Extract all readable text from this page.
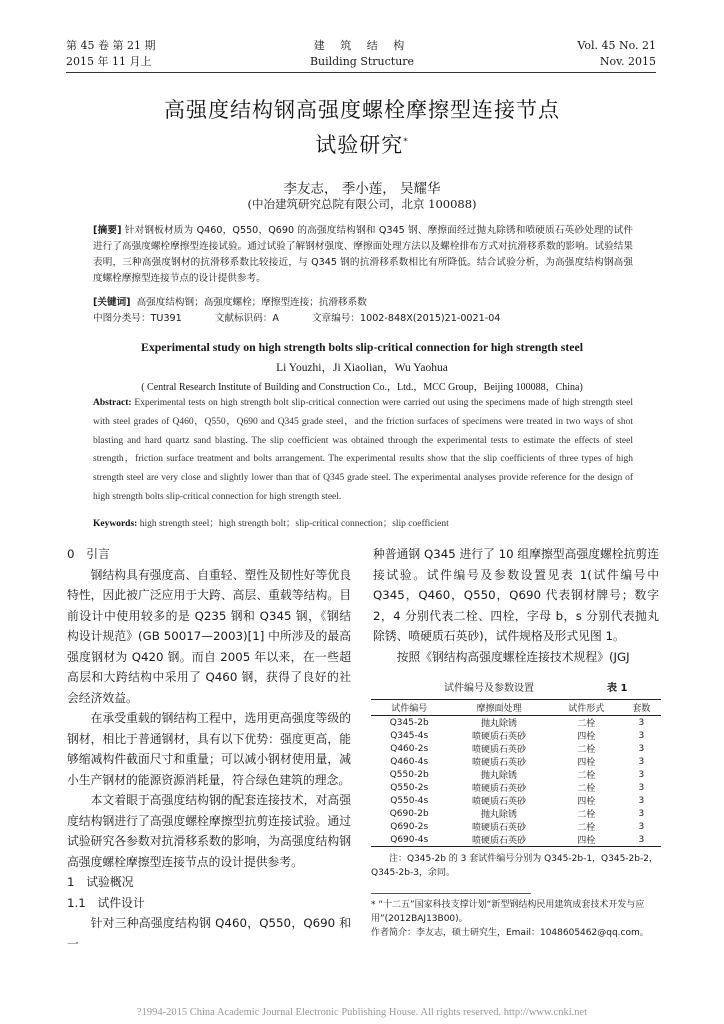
第 45 卷 第 21 期
2015 年 11 月上
建 筑 结 构
Building Structure
Vol. 45 No. 21
Nov. 2015
高强度结构钢高强度螺栓摩擦型连接节点
试验研究*
李友志， 季小莲， 吴耀华
(中冶建筑研究总院有限公司，北京 100088)
[摘要] 针对钢板材质为 Q460，Q550，Q690 的高强度结构钢和 Q345 钢、摩擦面经过抛丸除锈和喷硬质石英砂处理的试件进行了高强度螺栓摩擦型连接试验。通过试验了解钢材强度、摩擦面处理方法以及螺栓排布方式对抗滑移系数的影响。试验结果表明，三种高强度钢材的抗滑移系数比较接近，与 Q345 钢的抗滑移系数相比有所降低。结合试验分析，为高强度结构钢高强度螺栓摩擦型连接节点的设计提供参考。
[关键词] 高强度结构钢；高强度螺栓；摩擦型连接；抗滑移系数
中图分类号：TU391	文献标识码：A	文章编号：1002-848X(2015)21-0021-04
Experimental study on high strength bolts slip-critical connection for high strength steel
Li Youzhi，Ji Xiaolian，Wu Yaohua
( Central Research Institute of Building and Construction Co.，Ltd.，MCC Group，Beijing 100088，China)
Abstract: Experimental tests on high strength bolt slip-critical connection were carried out using the specimens made of high strength steel with steel grades of Q460，Q550，Q690 and Q345 grade steel，and the friction surfaces of specimens were treated in two ways of shot blasting and hard quartz sand blasting. The slip coefficient was obtained through the experimental tests to estimate the effects of steel strength，friction surface treatment and bolts arrangement. The experimental results show that the slip coefficients of three types of high strength steel are very close and slightly lower than that of Q345 grade steel. The experimental analyses provide reference for the design of high strength bolts slip-critical connection for high strength steel.
Keywords: high strength steel；high strength bolt；slip-critical connection；slip coefficient

0　引言

钢结构具有强度高、自重轻、塑性及韧性好等优良特性，因此被广泛应用于大跨、高层、重载等结构。目前设计中使用较多的是 Q235 钢和 Q345 钢，《钢结构设计规范》(GB 50017—2003)[1] 中所涉及的最高强度钢材为 Q420 钢。而自 2005 年以来，在一些超高层和大跨结构中采用了 Q460 钢，获得了良好的社会经济效益。

在承受重载的钢结构工程中，选用更高强度等级的钢材，相比于普通钢材，具有以下优势：强度更高，能够缩减构件截面尺寸和重量；可以减小钢材使用量，减小生产钢材的能源资源消耗量，符合绿色建筑的理念。

本文着眼于高强度结构钢的配套连接技术，对高强度结构钢进行了高强度螺栓摩擦型抗剪连接试验。通过试验研究各参数对抗滑移系数的影响，为高强度结构钢高强度螺栓摩擦型连接节点的设计提供参考。

1　试验概况

1.1　试件设计

针对三种高强度结构钢 Q460，Q550，Q690 和一

种普通钢 Q345 进行了 10 组摩擦型高强度螺栓抗剪连接试验。试件编号及参数设置见表 1(试件编号中 Q345，Q460，Q550，Q690 代表钢材牌号；数字 2，4 分别代表二栓、四栓，字母 b，s 分别代表抛丸除锈、喷硬质石英砂)，试件规格及形式见图 1。

按照《钢结构高强度螺栓连接技术规程》(JGJ

试件编号及参数设置	表 1
试件编号	摩擦面处理	试件形式	套数
Q345-2b	抛丸除锈	二栓	3
Q345-4s	喷硬质石英砂	四栓	3
Q460-2s	喷硬质石英砂	二栓	3
Q460-4s	喷硬质石英砂	四栓	3
Q550-2b	抛丸除锈	二栓	3
Q550-2s	喷硬质石英砂	二栓	3
Q550-4s	喷硬质石英砂	四栓	3
Q690-2b	抛丸除锈	二栓	3
Q690-2s	喷硬质石英砂	二栓	3
Q690-4s	喷硬质石英砂	四栓	3
注：Q345-2b 的 3 套试件编号分别为 Q345-2b-1，Q345-2b-2，Q345-2b-3，余同。
* “十二五”国家科技支撑计划“新型钢结构民用建筑成套技术开发与应用”(2012BAJ13B00)。
作者简介：李友志，硕士研究生，Email：1048605462@qq.com。
?1994-2015 China Academic Journal Electronic Publishing House. All rights reserved. http://www.cnki.net
